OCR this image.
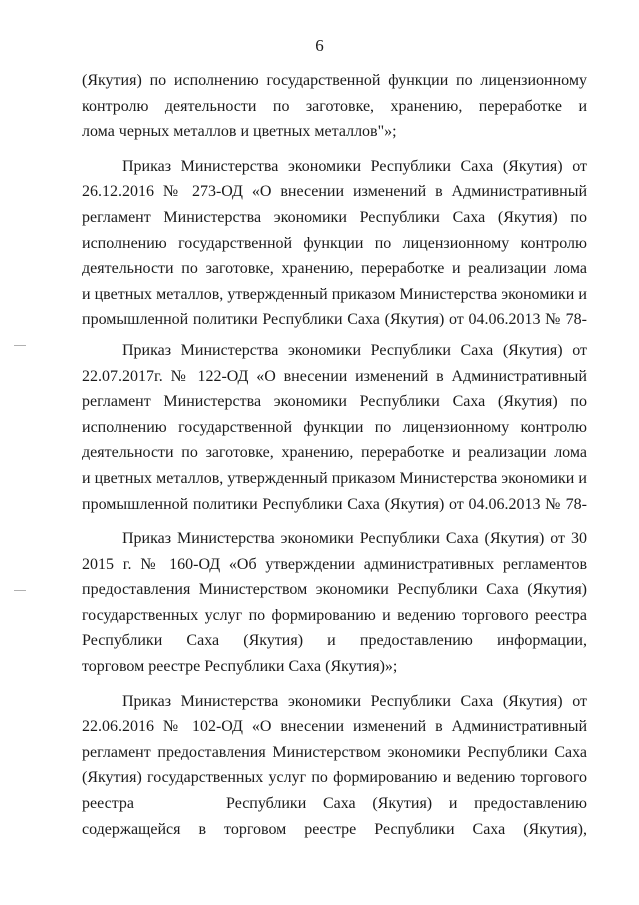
6
(Якутия) по исполнению государственной функции по лицензионному
контролю деятельности по заготовке, хранению, переработке и
лома черных металлов и цветных металлов"»;
Приказ Министерства экономики Республики Саха (Якутия) от
26.12.2016 № 273-ОД «О внесении изменений в Административный
регламент Министерства экономики Республики Саха (Якутия) по
исполнению государственной функции по лицензионному контролю
деятельности по заготовке, хранению, переработке и реализации лома
и цветных металлов, утвержденный приказом Министерства экономики и
промышленной политики Республики Саха (Якутия) от 04.06.2013 № 78-
Приказ Министерства экономики Республики Саха (Якутия) от
22.07.2017г. № 122-ОД «О внесении изменений в Административный
регламент Министерства экономики Республики Саха (Якутия) по
исполнению государственной функции по лицензионному контролю
деятельности по заготовке, хранению, переработке и реализации лома
и цветных металлов, утвержденный приказом Министерства экономики и
промышленной политики Республики Саха (Якутия) от 04.06.2013 № 78-
Приказ Министерства экономики Республики Саха (Якутия) от 30
2015 г. № 160-ОД «Об утверждении административных регламентов
предоставления Министерством экономики Республики Саха (Якутия)
государственных услуг по формированию и ведению торгового реестра
Республики Саха (Якутия) и предоставлению информации,
торговом реестре Республики Саха (Якутия)»;
Приказ Министерства экономики Республики Саха (Якутия) от
22.06.2016 № 102-ОД «О внесении изменений в Административный
регламент предоставления Министерством экономики Республики Саха
(Якутия) государственных услуг по формированию и ведению торгового
реестра	Республики Саха (Якутия) и предоставлению
содержащейся в торговом реестре Республики Саха (Якутия),
